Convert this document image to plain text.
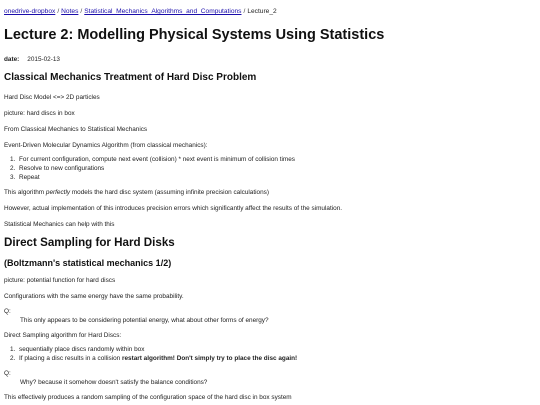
onedrive-dropbox / Notes / Statistical_Mechanics_Algorithms_and_Computations / Lecture_2
Lecture 2: Modelling Physical Systems Using Statistics
date: 2015-02-13
Classical Mechanics Treatment of Hard Disc Problem

Hard Disc Model <=> 2D particles

picture: hard discs in box

From Classical Mechanics to Statistical Mechanics

Event-Driven Molecular Dynamics Algorithm (from classical mechanics):

1. For current configuration, compute next event (collision) * next event is minimum of collision times
2. Resolve to new configurations
3. Repeat

This algorithm perfectly models the hard disc system (assuming infinite precision calculations)

However, actual implementation of this introduces precision errors which significantly affect the results of the simulation.

Statistical Mechanics can help with this

Direct Sampling for Hard Disks
(Boltzmann's statistical mechanics 1/2)

picture: potential function for hard discs

Configurations with the same energy have the same probability.

Q:

This only appears to be considering potential energy, what about other forms of energy?

Direct Sampling algorithm for Hard Discs:

1. sequentially place discs randomly within box
2. If placing a disc results in a collision restart algorithm! Don't simply try to place the disc again!

Q:

Why? because it somehow doesn't satisfy the balance conditions?

This effectively produces a random sampling of the configuration space of the hard disc in box system
